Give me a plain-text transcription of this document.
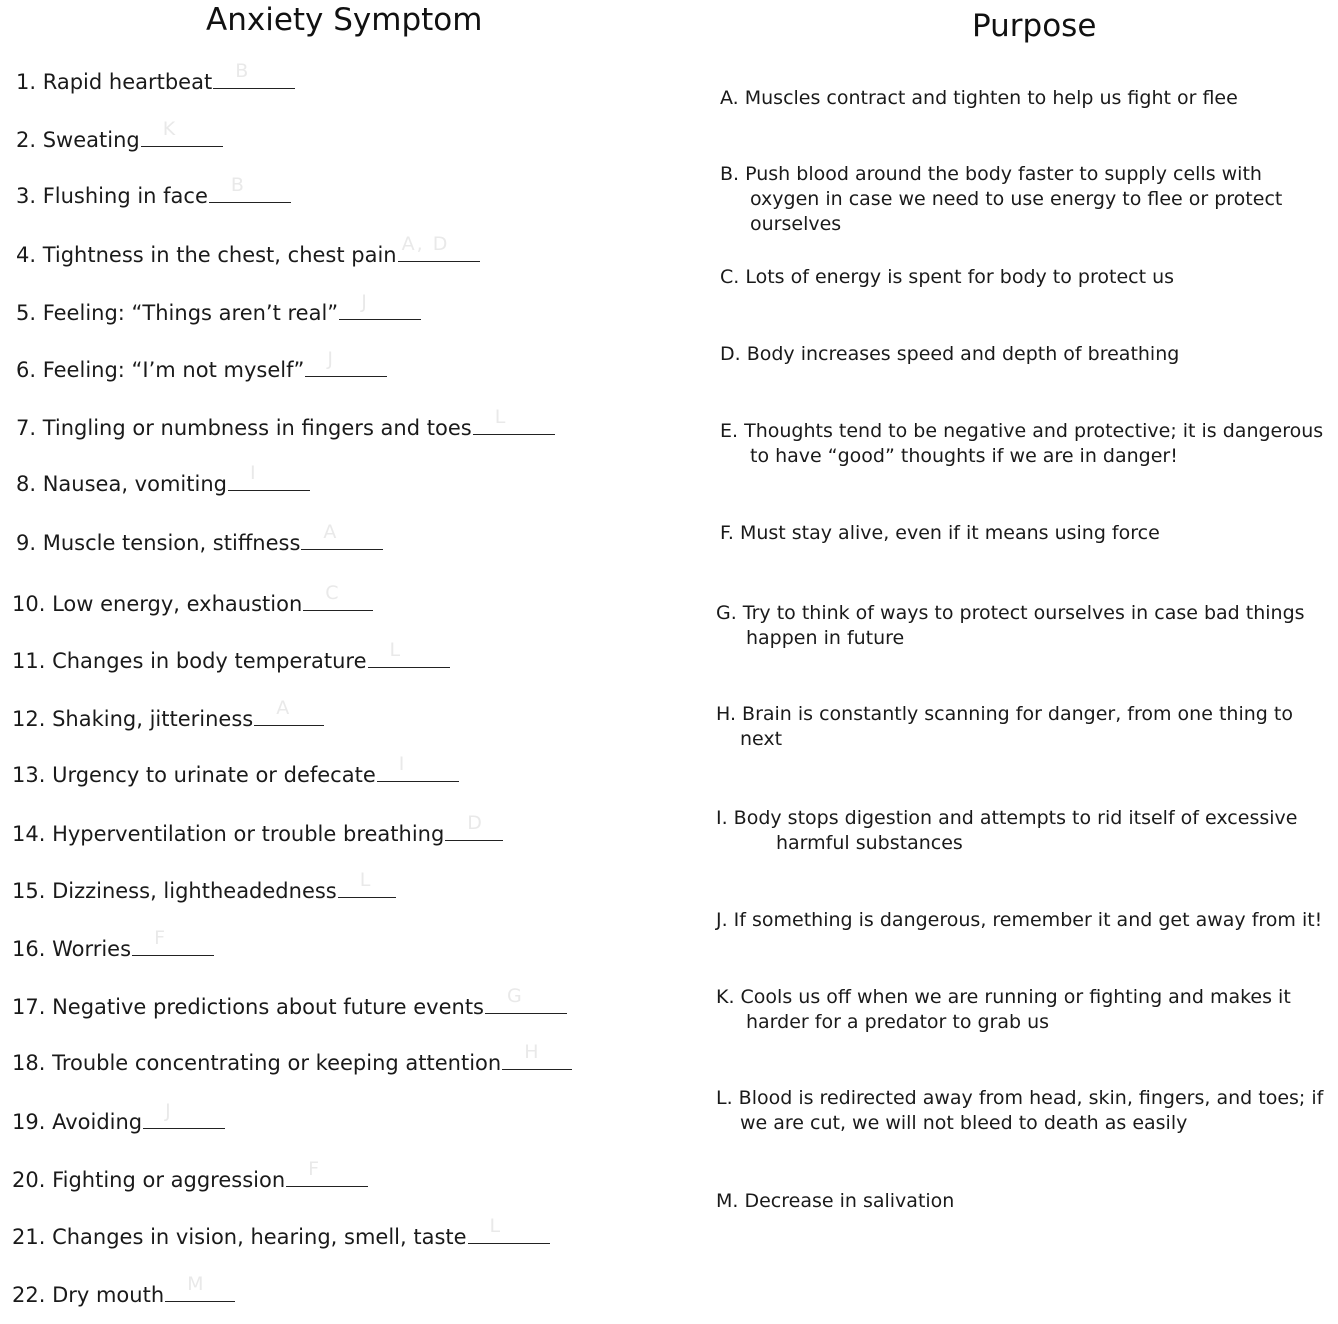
Anxiety Symptom	Purpose
1. Rapid heartbeat B
2. Sweating K
3. Flushing in face B
4. Tightness in the chest, chest pain A, D
5. Feeling: “Things aren’t real” J
6. Feeling: “I’m not myself” J
7. Tingling or numbness in fingers and toes L
8. Nausea, vomiting I
9. Muscle tension, stiffness A
10. Low energy, exhaustion C
11. Changes in body temperature L
12. Shaking, jitteriness A
13. Urgency to urinate or defecate I
14. Hyperventilation or trouble breathing D
15. Dizziness, lightheadedness L
16. Worries F
17. Negative predictions about future events G
18. Trouble concentrating or keeping attention H
19. Avoiding J
20. Fighting or aggression F
21. Changes in vision, hearing, smell, taste L
22. Dry mouth M
A. Muscles contract and tighten to help us fight or flee
B. Push blood around the body faster to supply cells with
oxygen in case we need to use energy to flee or protect
ourselves
C. Lots of energy is spent for body to protect us
D. Body increases speed and depth of breathing
E. Thoughts tend to be negative and protective; it is dangerous
to have “good” thoughts if we are in danger!
F. Must stay alive, even if it means using force
G. Try to think of ways to protect ourselves in case bad things
happen in future
H. Brain is constantly scanning for danger, from one thing to
next
I. Body stops digestion and attempts to rid itself of excessive
harmful substances
J. If something is dangerous, remember it and get away from it!
K. Cools us off when we are running or fighting and makes it
harder for a predator to grab us
L. Blood is redirected away from head, skin, fingers, and toes; if
we are cut, we will not bleed to death as easily
M. Decrease in salivation
